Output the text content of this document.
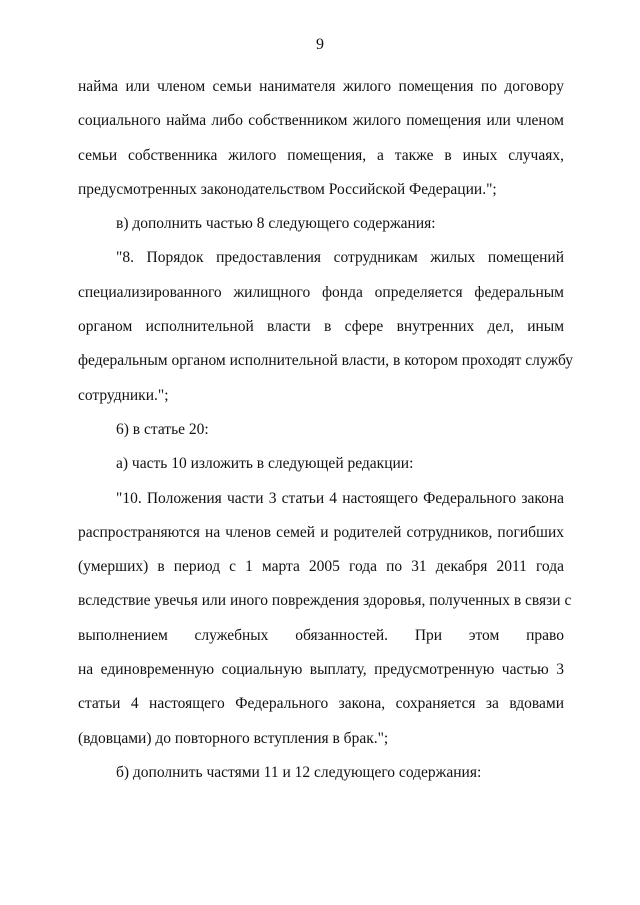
9
найма или членом семьи нанимателя жилого помещения по договору
социального найма либо собственником жилого помещения или членом
семьи собственника жилого помещения, а также в иных случаях,
предусмотренных законодательством Российской Федерации.";
в) дополнить частью 8 следующего содержания:
"8. Порядок предоставления сотрудникам жилых помещений
специализированного жилищного фонда определяется федеральным
органом исполнительной власти в сфере внутренних дел, иным
федеральным органом исполнительной власти, в котором проходят службу
сотрудники.";
6) в статье 20:
а) часть 10 изложить в следующей редакции:
"10. Положения части 3 статьи 4 настоящего Федерального закона
распространяются на членов семей и родителей сотрудников, погибших
(умерших) в период с 1 марта 2005 года по 31 декабря 2011 года
вследствие увечья или иного повреждения здоровья, полученных в связи с
выполнением служебных обязанностей. При этом право
на единовременную социальную выплату, предусмотренную частью 3
статьи 4 настоящего Федерального закона, сохраняется за вдовами
(вдовцами) до повторного вступления в брак.";
б) дополнить частями 11 и 12 следующего содержания:
